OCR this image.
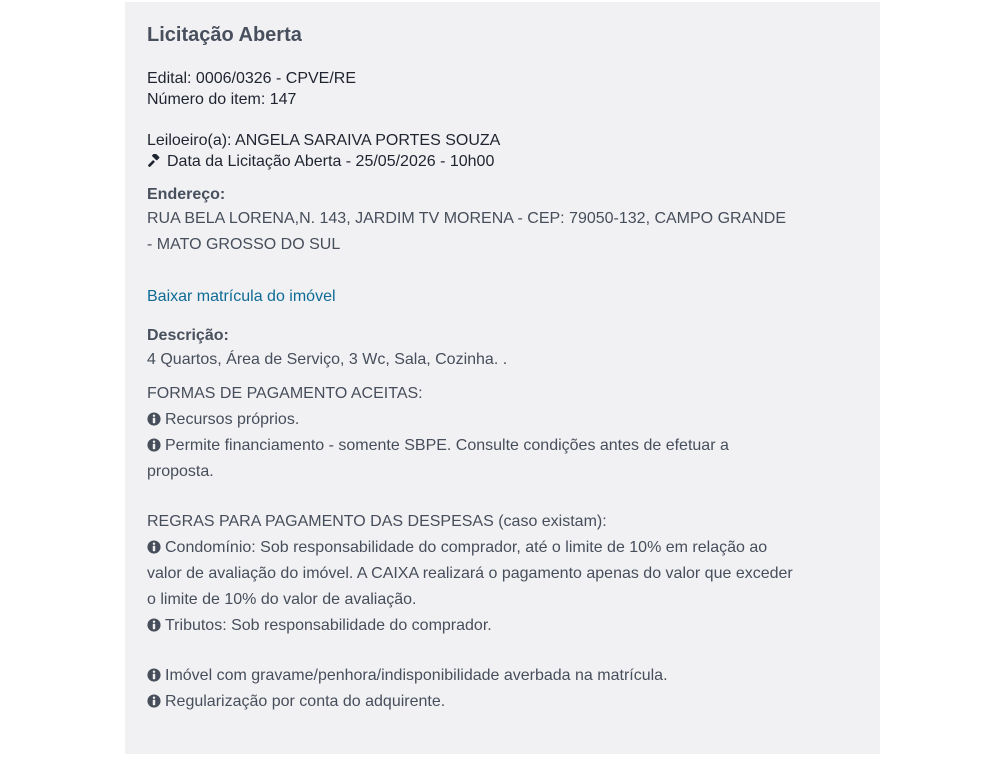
Licitação Aberta
Edital: 0006/0326 - CPVE/RE
Número do item: 147
Leiloeiro(a): ANGELA SARAIVA PORTES SOUZA
Data da Licitação Aberta - 25/05/2026 - 10h00
Endereço:
RUA BELA LORENA,N. 143, JARDIM TV MORENA - CEP: 79050-132, CAMPO GRANDE
- MATO GROSSO DO SUL
Baixar matrícula do imóvel
Descrição:
4 Quartos, Área de Serviço, 3 Wc, Sala, Cozinha. .
FORMAS DE PAGAMENTO ACEITAS:
Recursos próprios.
Permite financiamento - somente SBPE. Consulte condições antes de efetuar a
proposta.
REGRAS PARA PAGAMENTO DAS DESPESAS (caso existam):
Condomínio: Sob responsabilidade do comprador, até o limite de 10% em relação ao
valor de avaliação do imóvel. A CAIXA realizará o pagamento apenas do valor que exceder
o limite de 10% do valor de avaliação.
Tributos: Sob responsabilidade do comprador.
Imóvel com gravame/penhora/indisponibilidade averbada na matrícula.
Regularização por conta do adquirente.
